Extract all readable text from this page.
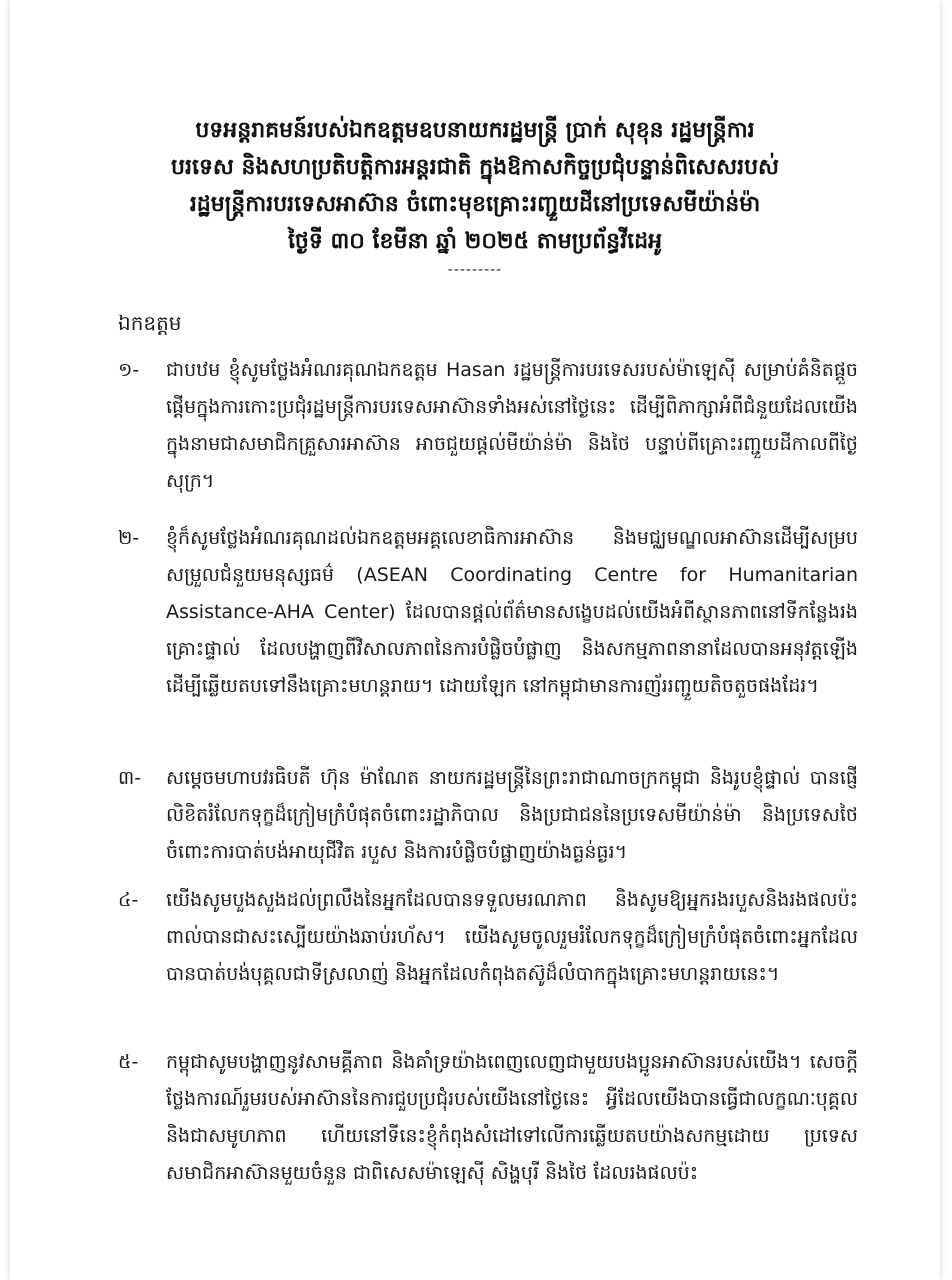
បទអន្តរាគមន៍របស់ឯកឧត្តមឧបនាយករដ្ឋមន្ត្រី ប្រាក់ សុខុន រដ្ឋមន្ត្រីការ
បរទេស និងសហប្រតិបត្តិការអន្តរជាតិ ក្នុងឱកាសកិច្ចប្រជុំបន្ទាន់ពិសេសរបស់
រដ្ឋមន្ត្រីការបរទេសអាស៊ាន ចំពោះមុខគ្រោះរញ្ជួយដីនៅប្រទេសមីយ៉ាន់ម៉ា
ថ្ងៃទី ៣០ ខែមីនា ឆ្នាំ ២០២៥ តាមប្រព័ន្ធវីដេអូ
---------
ឯកឧត្តម
១-	ជាបឋម ខ្ញុំសូមថ្លែងអំណរគុណឯកឧត្តម Hasan រដ្ឋមន្ត្រីការបរទេសរបស់ម៉ាឡេស៊ី សម្រាប់គំនិតផ្តួចផ្តើមក្នុងការកោះប្រជុំរដ្ឋមន្ត្រីការបរទេសអាស៊ានទាំងអស់នៅថ្ងៃនេះ ដើម្បីពិភាក្សាអំពីជំនួយដែលយើង ក្នុងនាមជាសមាជិកគ្រួសារអាស៊ាន អាចជួយផ្តល់មីយ៉ាន់ម៉ា និងថៃ បន្ទាប់ពីគ្រោះរញ្ជួយដីកាលពីថ្ងៃសុក្រ។
២-	ខ្ញុំក៏សូមថ្លែងអំណរគុណដល់ឯកឧត្តមអគ្គលេខាធិការអាស៊ាន និងមជ្ឈមណ្ឌលអាស៊ានដើម្បីសម្របសម្រួលជំនួយមនុស្សធម៌ (ASEAN Coordinating Centre for Humanitarian Assistance-AHA Center) ដែលបានផ្តល់ព័ត៌មានសង្ខេបដល់យើងអំពីស្ថានភាពនៅទីកន្លែងរងគ្រោះផ្ទាល់ ដែលបង្ហាញពីវិសាលភាពនៃការបំផ្លិចបំផ្លាញ និងសកម្មភាពនានាដែលបានអនុវត្តឡើងដើម្បីឆ្លើយតបទៅនឹងគ្រោះមហន្តរាយ។ ដោយឡែក នៅកម្ពុជាមានការញ័ររញ្ជួយតិចតួចផងដែរ។
៣-	សម្តេចមហាបវរធិបតី ហ៊ុន ម៉ាណែត នាយករដ្ឋមន្ត្រីនៃព្រះរាជាណាចក្រកម្ពុជា និងរូបខ្ញុំផ្ទាល់ បានផ្ញើលិខិតរំលែកទុក្ខដ៏ក្រៀមក្រំបំផុតចំពោះរដ្ឋាភិបាល និងប្រជាជននៃប្រទេសមីយ៉ាន់ម៉ា និងប្រទេសថៃ ចំពោះការបាត់បង់អាយុជីវិត របួស និងការបំផ្លិចបំផ្លាញយ៉ាងធ្ងន់ធ្ងរ។
៤-	យើងសូមបួងសួងដល់ព្រលឹងនៃអ្នកដែលបានទទួលមរណភាព និងសូមឱ្យអ្នករងរបួសនិងរងផលប៉ះពាល់បានជាសះស្បើយយ៉ាងឆាប់រហ័ស។ យើងសូមចូលរួមរំលែកទុក្ខដ៏ក្រៀមក្រំបំផុតចំពោះអ្នកដែលបានបាត់បង់បុគ្គលជាទីស្រលាញ់ និងអ្នកដែលកំពុងតស៊ូដ៏លំបាកក្នុងគ្រោះមហន្តរាយនេះ។
៥-	កម្ពុជាសូមបង្ហាញនូវសាមគ្គីភាព និងគាំទ្រយ៉ាងពេញលេញជាមួយបងប្អូនអាស៊ានរបស់យើង។ សេចក្តីថ្លែងការណ៍រួមរបស់អាស៊ាននៃការជួបប្រជុំរបស់យើងនៅថ្ងៃនេះ អ្វីដែលយើងបានធ្វើជាលក្ខណៈបុគ្គល និងជាសមូហភាព ហើយនៅទីនេះខ្ញុំកំពុងសំដៅទៅលើការឆ្លើយតបយ៉ាងសកម្មដោយ ប្រទេសសមាជិកអាស៊ានមួយចំនួន ជាពិសេសម៉ាឡេស៊ី សិង្ហបុរី និងថៃ ដែលរងផលប៉ះ
